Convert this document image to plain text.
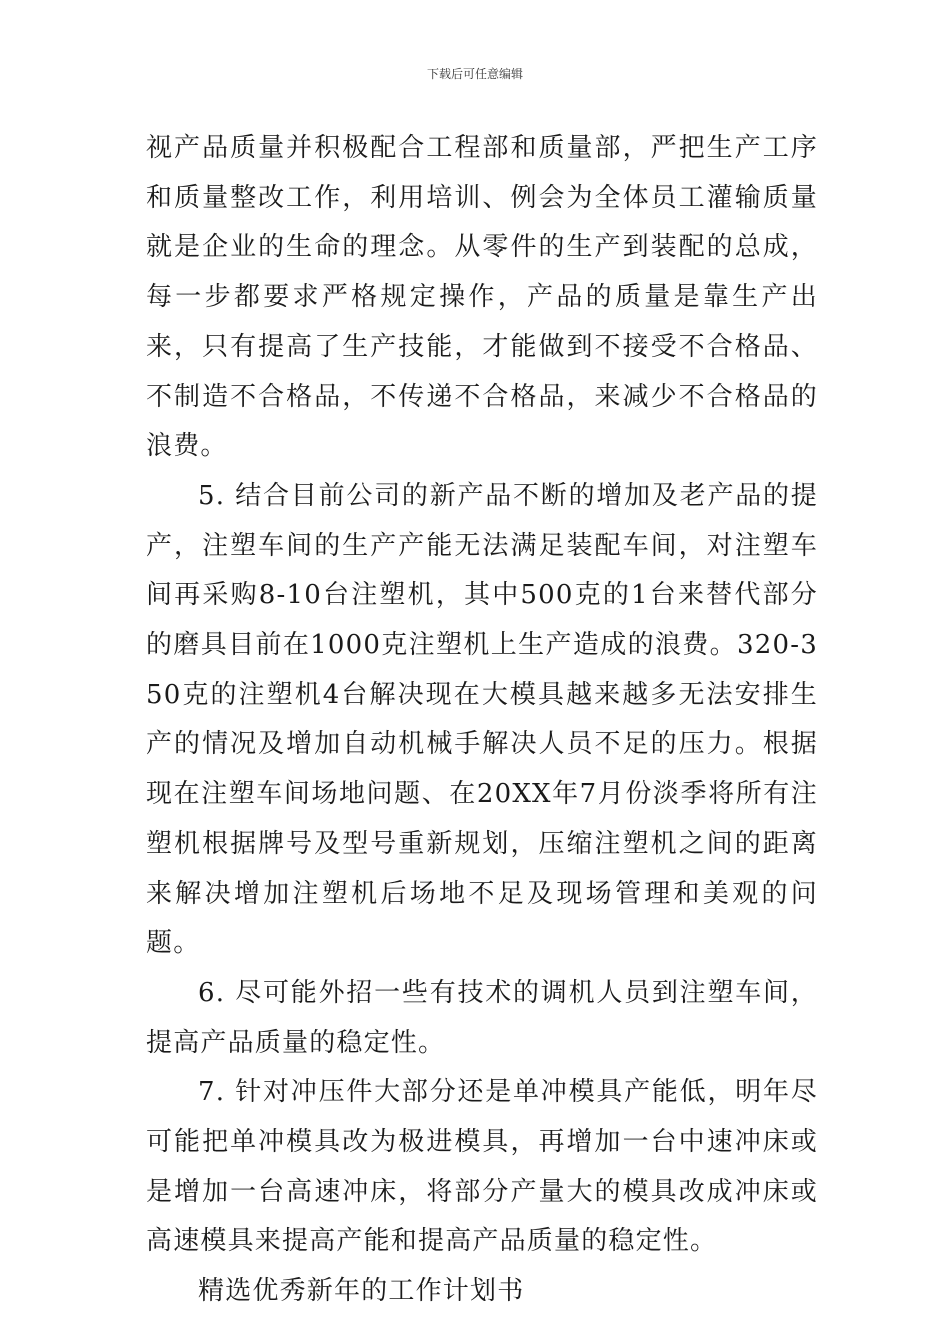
下载后可任意编辑

视产品质量并积极配合工程部和质量部，严把生产工序和质量整改工作，利用培训、例会为全体员工灌输质量就是企业的生命的理念。从零件的生产到装配的总成，每一步都要求严格规定操作，产品的质量是靠生产出来，只有提高了生产技能，才能做到不接受不合格品、不制造不合格品，不传递不合格品，来减少不合格品的浪费。

5. 结合目前公司的新产品不断的增加及老产品的提产，注塑车间的生产产能无法满足装配车间，对注塑车间再采购8-10台注塑机，其中500克的1台来替代部分的磨具目前在1000克注塑机上生产造成的浪费。320-350克的注塑机4台解决现在大模具越来越多无法安排生产的情况及增加自动机械手解决人员不足的压力。根据现在注塑车间场地问题、在20XX年7月份淡季将所有注塑机根据牌号及型号重新规划，压缩注塑机之间的距离来解决增加注塑机后场地不足及现场管理和美观的问题。

6. 尽可能外招一些有技术的调机人员到注塑车间，提高产品质量的稳定性。

7. 针对冲压件大部分还是单冲模具产能低，明年尽可能把单冲模具改为极进模具，再增加一台中速冲床或是增加一台高速冲床，将部分产量大的模具改成冲床或高速模具来提高产能和提高产品质量的稳定性。

精选优秀新年的工作计划书
